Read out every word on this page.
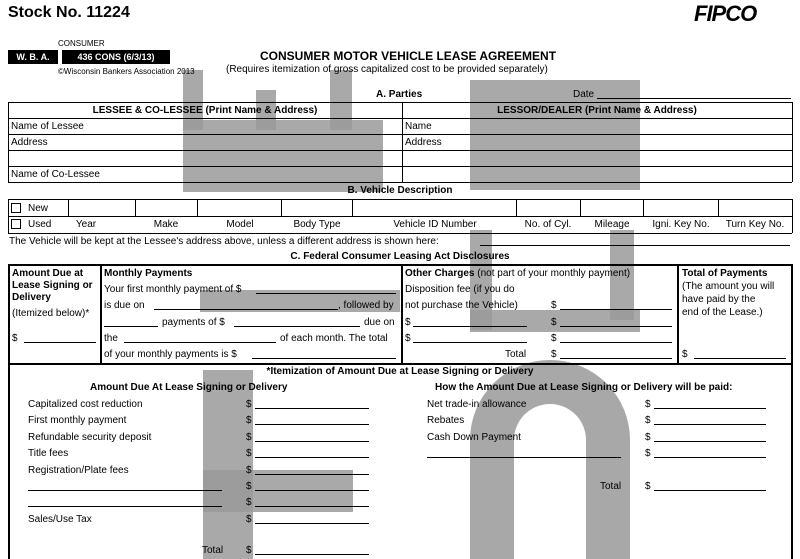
Stock No. 11224	FIPCO
CONSUMER
W. B. A.	436 CONS (6/3/13)
©Wisconsin Bankers Association 2013
CONSUMER MOTOR VEHICLE LEASE AGREEMENT
(Requires itemization of gross capitalized cost to be provided separately)
A. Parties	Date
LESSEE & CO-LESSEE (Print Name & Address)	LESSOR/DEALER (Print Name & Address)
Name of Lessee	Name
Address	Address
Name of Co-Lessee
B. Vehicle Description
New
Used	Year	Make	Model	Body Type	Vehicle ID Number	No. of Cyl.	Mileage	Igni. Key No.	Turn Key No.
The Vehicle will be kept at the Lessee's address above, unless a different address is shown here:
C. Federal Consumer Leasing Act Disclosures
Amount Due at Lease Signing or Delivery
(Itemized below)*
$
Monthly Payments
Your first monthly payment of $
is due on	, followed by
payments of $	due on
the	of each month. The total
of your monthly payments is $
Other Charges (not part of your monthly payment)
Disposition fee (if you do
not purchase the Vehicle)	$
$	$
$	$
Total $
Total of Payments
(The amount you will
have paid by the
end of the Lease.)
$
*Itemization of Amount Due at Lease Signing or Delivery
Amount Due At Lease Signing or Delivery	How the Amount Due at Lease Signing or Delivery will be paid:
Capitalized cost reduction	$
First monthly payment	$
Refundable security deposit	$
Title fees	$
Registration/Plate fees	$
$
$
Sales/Use Tax	$
Total $
Net trade-in allowance	$
Rebates	$
Cash Down Payment	$
$
Total $
